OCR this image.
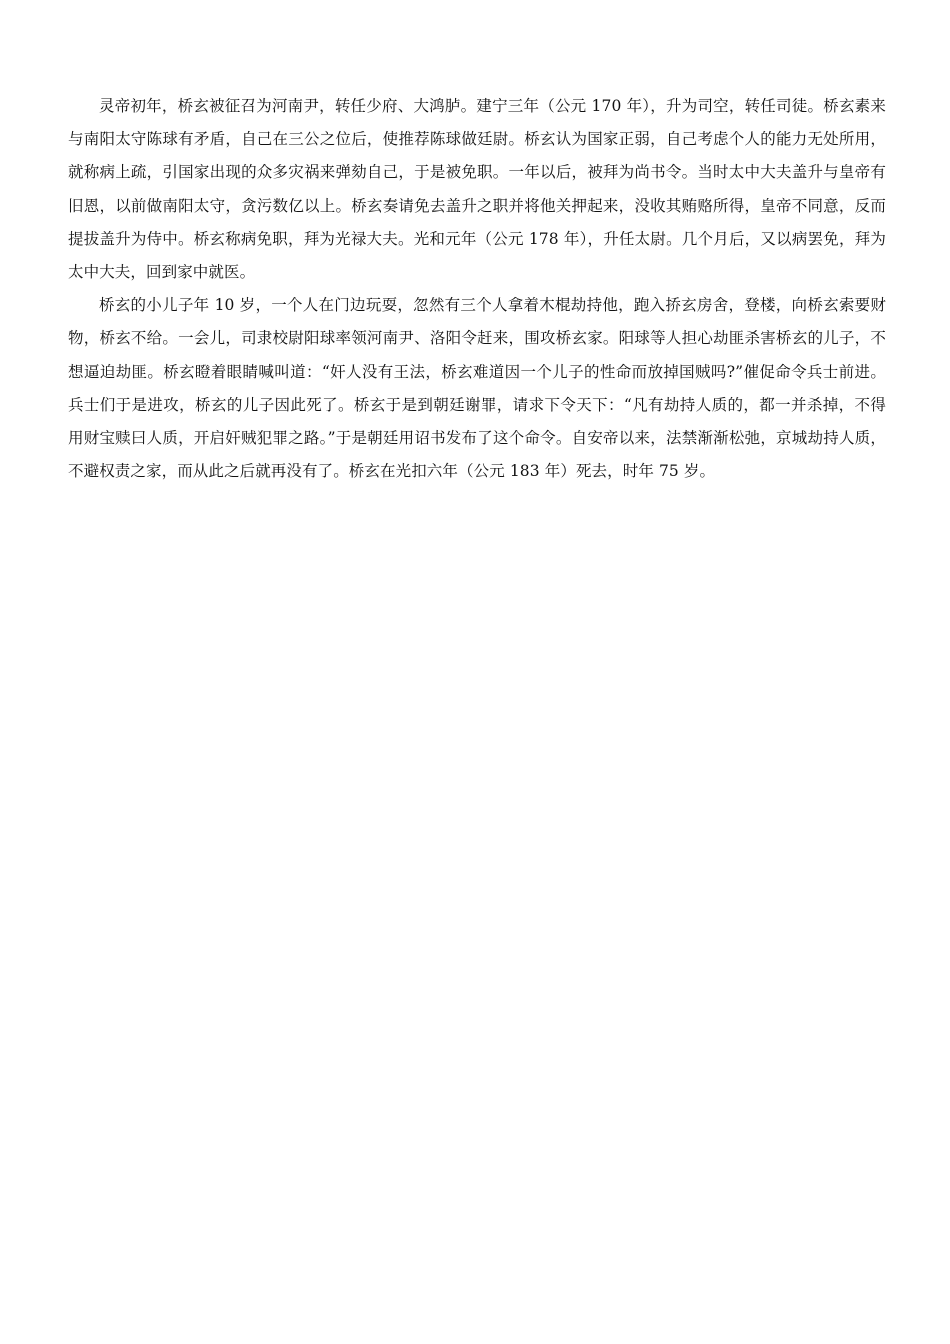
灵帝初年，桥玄被征召为河南尹，转任少府、大鸿胪。建宁三年（公元 170 年），升为司空，转任司徒。桥玄素来与南阳太守陈球有矛盾，自己在三公之位后，使推荐陈球做廷尉。桥玄认为国家正弱，自己考虑个人的能力无处所用，就称病上疏，引国家出现的众多灾祸来弹劾自己，于是被免职。一年以后，被拜为尚书令。当时太中大夫盖升与皇帝有旧恩，以前做南阳太守，贪污数亿以上。桥玄奏请免去盖升之职并将他关押起来，没收其贿赂所得，皇帝不同意，反而提拔盖升为侍中。桥玄称病免职，拜为光禄大夫。光和元年（公元 178 年），升任太尉。几个月后，又以病罢免，拜为太中大夫，回到家中就医。

桥玄的小儿子年 10 岁，一个人在门边玩耍，忽然有三个人拿着木棍劫持他，跑入挢玄房舍，登楼，向桥玄索要财物，桥玄不给。一会儿，司隶校尉阳球率领河南尹、洛阳令赶来，围攻桥玄家。阳球等人担心劫匪杀害桥玄的儿子，不想逼迫劫匪。桥玄瞪着眼睛喊叫道：“奸人没有王法，桥玄难道因一个儿子的性命而放掉国贼吗?”催促命令兵士前进。兵士们于是进攻，桥玄的儿子因此死了。桥玄于是到朝廷谢罪，请求下令天下：“凡有劫持人质的，都一并杀掉，不得用财宝赎曰人质，开启奸贼犯罪之路。”于是朝廷用诏书发布了这个命令。自安帝以来，法禁渐渐松弛，京城劫持人质，不避权责之家，而从此之后就再没有了。桥玄在光扣六年（公元 183 年）死去，时年 75 岁。
